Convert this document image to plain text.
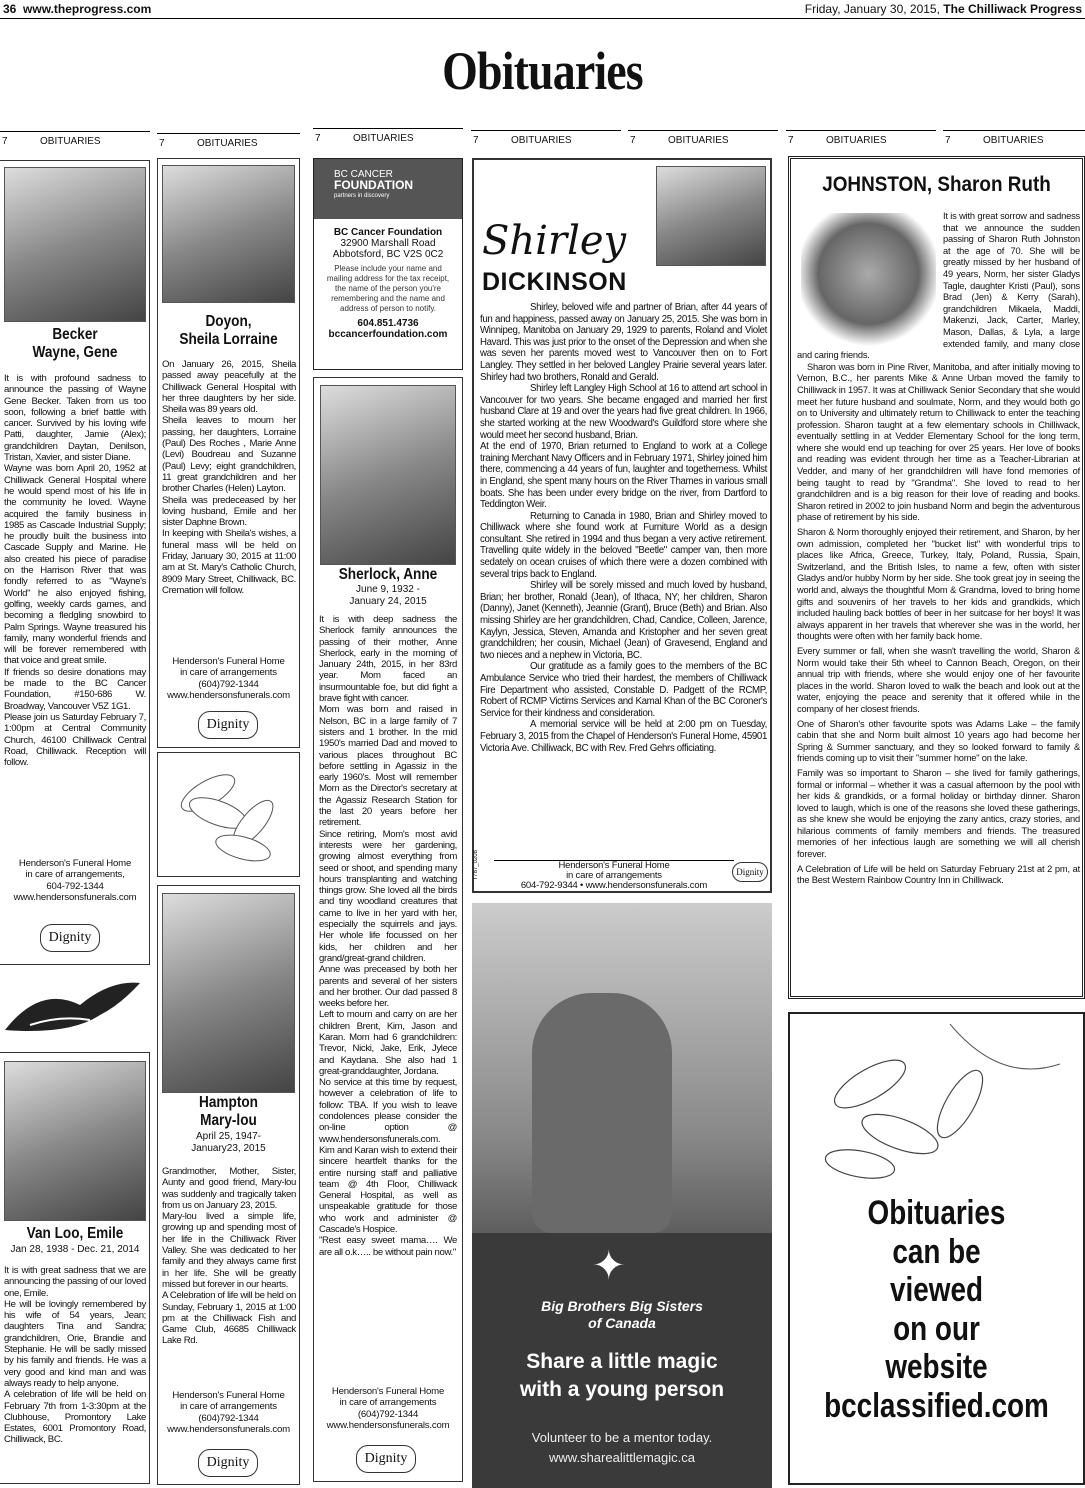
36 www.theprogress.com	Friday, January 30, 2015, The Chilliwack Progress
Obituaries
7	OBITUARIES	7	OBITUARIES	7	OBITUARIES	7	OBITUARIES	7	OBITUARIES	7	OBITUARIES	7	OBITUARIES
Becker
Wayne, Gene

It is with profound sadness to announce the passing of Wayne Gene Becker. Taken from us too soon, following a brief battle with cancer. Survived by his loving wife Patti, daughter, Jamie (Alex); grandchildren Daytan, Denilson, Tristan, Xavier, and sister Diane.

Wayne was born April 20, 1952 at Chilliwack General Hospital where he would spend most of his life in the community he loved. Wayne acquired the family business in 1985 as Cascade Industrial Supply; he proudly built the business into Cascade Supply and Marine. He also created his piece of paradise on the Harrison River that was fondly referred to as "Wayne's World" he also enjoyed fishing, golfing, weekly cards games, and becoming a fledgling snowbird to Palm Springs. Wayne treasured his family, many wonderful friends and will be forever remembered with that voice and great smile.

If friends so desire donations may be made to the BC Cancer Foundation, #150-686 W. Broadway, Vancouver V5Z 1G1.

Please join us Saturday February 7, 1:00pm at Central Community Church, 46100 Chilliwack Central Road, Chilliwack. Reception will follow.

Henderson's Funeral Home
in care of arrangements,
604-792-1344
www.hendersonsfunerals.com
Dignity
Van Loo, Emile
Jan 28, 1938 - Dec. 21, 2014

It is with great sadness that we are announcing the passing of our loved one, Emile.

He will be lovingly remembered by his wife of 54 years, Jean; daughters Tina and Sandra; grandchildren, Orie, Brandie and Stephanie. He will be sadly missed by his family and friends. He was a very good and kind man and was always ready to help anyone.

A celebration of life will be held on February 7th from 1-3:30pm at the Clubhouse, Promontory Lake Estates, 6001 Promontory Road, Chilliwack, BC.

Doyon,
Sheila Lorraine

On January 26, 2015, Sheila passed away peacefully at the Chilliwack General Hospital with her three daughters by her side. Sheila was 89 years old.

Sheila leaves to mourn her passing, her daughters, Lorraine (Paul) Des Roches , Marie Anne (Levi) Boudreau and Suzanne (Paul) Levy; eight grandchildren, 11 great grandchildren and her brother Charles (Helen) Layton.

Sheila was predeceased by her loving husband, Emile and her sister Daphne Brown.

In keeping with Sheila's wishes, a funeral mass will be held on Friday, January 30, 2015 at 11:00 am at St. Mary's Catholic Church, 8909 Mary Street, Chilliwack, BC. Cremation will follow.

Henderson's Funeral Home
in care of arrangements
(604)792-1344
www.hendersonsfunerals.com
Dignity
Hampton
Mary-lou
April 25, 1947-
January23, 2015

Grandmother, Mother, Sister, Aunty and good friend, Mary-lou was suddenly and tragically taken from us on January 23, 2015.

Mary-lou lived a simple life, growing up and spending most of her life in the Chilliwack River Valley. She was dedicated to her family and they always came first in her life. She will be greatly missed but forever in our hearts.

A Celebration of life will be held on Sunday, February 1, 2015 at 1:00 pm at the Chilliwack Fish and Game Club, 46685 Chilliwack Lake Rd.

Henderson's Funeral Home
in care of arrangements
(604)792-1344
www.hendersonsfunerals.com
Dignity
BC CANCER
FOUNDATION
partners in discovery
BC Cancer Foundation
32900 Marshall Road
Abbotsford, BC V2S 0C2
Please include your name and mailing address for the tax receipt, the name of the person you're remembering and the name and address of person to notify.
604.851.4736
bccancerfoundation.com
Sherlock, Anne
June 9, 1932 -
January 24, 2015

It is with deep sadness the Sherlock family announces the passing of their mother, Anne Sherlock, early in the morning of January 24th, 2015, in her 83rd year. Mom faced an insurmountable foe, but did fight a brave fight with cancer.

Mom was born and raised in Nelson, BC in a large family of 7 sisters and 1 brother. In the mid 1950's married Dad and moved to various places throughout BC before settling in Agassiz in the early 1960's. Most will remember Mom as the Director's secretary at the Agassiz Research Station for the last 20 years before her retirement.

Since retiring, Mom's most avid interests were her gardening, growing almost everything from seed or shoot, and spending many hours transplanting and watching things grow. She loved all the birds and tiny woodland creatures that came to live in her yard with her, especially the squirrels and jays. Her whole life focussed on her kids, her children and her grand/great-grand children.

Anne was preceased by both her parents and several of her sisters and her brother. Our dad passed 8 weeks before her.

Left to mourn and carry on are her children Brent, Kim, Jason and Karan. Mom had 6 grandchildren: Trevor, Nicki, Jake, Erik, Jylece and Kaydana. She also had 1 great-granddaughter, Jordana.

No service at this time by request, however a celebration of life to follow: TBA. If you wish to leave condolences please consider the on-line option @ www.hendersonsfunerals.com.

Kim and Karan wish to extend their sincere heartfelt thanks for the entire nursing staff and palliative team @ 4th Floor, Chilliwack General Hospital, as well as unspeakable gratitude for those who work and administer @ Cascade's Hospice.

"Rest easy sweet mama…. We are all o.k….. be without pain now."

Henderson's Funeral Home
in care of arrangements
(604)792-1344
www.hendersonsfunerals.com
Dignity
Shirley
DICKINSON

Shirley, beloved wife and partner of Brian, after 44 years of fun and happiness, passed away on January 25, 2015. She was born in Winnipeg, Manitoba on January 29, 1929 to parents, Roland and Violet Havard. This was just prior to the onset of the Depression and when she was seven her parents moved west to Vancouver then on to Fort Langley. They settled in her beloved Langley Prairie several years later. Shirley had two brothers, Ronald and Gerald.

Shirley left Langley High School at 16 to attend art school in Vancouver for two years. She became engaged and married her first husband Clare at 19 and over the years had five great children. In 1966, she started working at the new Woodward's Guildford store where she would meet her second husband, Brian.

At the end of 1970, Brian returned to England to work at a College training Merchant Navy Officers and in February 1971, Shirley joined him there, commencing a 44 years of fun, laughter and togetherness. Whilst in England, she spent many hours on the River Thames in various small boats. She has been under every bridge on the river, from Dartford to Teddington Weir.

Returning to Canada in 1980, Brian and Shirley moved to Chilliwack where she found work at Furniture World as a design consultant. She retired in 1994 and thus began a very active retirement. Travelling quite widely in the beloved "Beetle" camper van, then more sedately on ocean cruises of which there were a dozen combined with several trips back to England.

Shirley will be sorely missed and much loved by husband, Brian; her brother, Ronald (Jean), of Ithaca, NY; her children, Sharon (Danny), Janet (Kenneth), Jeannie (Grant), Bruce (Beth) and Brian. Also missing Shirley are her grandchildren, Chad, Candice, Colleen, Jarence, Kaylyn, Jessica, Steven, Amanda and Kristopher and her seven great grandchildren; her cousin, Michael (Jean) of Gravesend, England and two nieces and a nephew in Victoria, BC.

Our gratitude as a family goes to the members of the BC Ambulance Service who tried their hardest, the members of Chilliwack Fire Department who assisted, Constable D. Padgett of the RCMP, Robert of RCMP Victims Services and Kamal Khan of the BC Coroner's Service for their kindness and consideration.

A memorial service will be held at 2:00 pm on Tuesday, February 3, 2015 from the Chapel of Henderson's Funeral Home, 45901 Victoria Ave. Chilliwack, BC with Rev. Fred Gehrs officiating.

T787_0208	Henderson's Funeral Home
in care of arrangements
604-792-9344 • www.hendersonsfunerals.com
Dignity
✦
Big Brothers Big Sisters
of Canada
Share a little magic
with a young person
Volunteer to be a mentor today.
www.sharealittlemagic.ca
JOHNSTON, Sharon Ruth

It is with great sorrow and sadness that we announce the sudden passing of Sharon Ruth Johnston at the age of 70. She will be greatly missed by her husband of 49 years, Norm, her sister Gladys Tagle, daughter Kristi (Paul), sons Brad (Jen) & Kerry (Sarah), grandchildren Mikaela, Maddi, Makenzi, Jack, Carter, Marley, Mason, Dallas, & Lyla, a large extended family, and many close and caring friends.

Sharon was born in Pine River, Manitoba, and after initially moving to Vernon, B.C., her parents Mike & Anne Urban moved the family to Chilliwack in 1957. It was at Chilliwack Senior Secondary that she would meet her future husband and soulmate, Norm, and they would both go on to University and ultimately return to Chilliwack to enter the teaching profession. Sharon taught at a few elementary schools in Chilliwack, eventually settling in at Vedder Elementary School for the long term, where she would end up teaching for over 25 years. Her love of books and reading was evident through her time as a Teacher-Librarian at Vedder, and many of her grandchildren will have fond memories of being taught to read by "Grandma". She loved to read to her grandchildren and is a big reason for their love of reading and books. Sharon retired in 2002 to join husband Norm and begin the adventurous phase of retirement by his side.

Sharon & Norm thoroughly enjoyed their retirement, and Sharon, by her own admission, completed her "bucket list" with wonderful trips to places like Africa, Greece, Turkey, Italy, Poland, Russia, Spain, Switzerland, and the British Isles, to name a few, often with sister Gladys and/or hubby Norm by her side. She took great joy in seeing the world and, always the thoughtful Mom & Grandma, loved to bring home gifts and souvenirs of her travels to her kids and grandkids, which included hauling back bottles of beer in her suitcase for her boys! It was always apparent in her travels that wherever she was in the world, her thoughts were often with her family back home.

Every summer or fall, when she wasn't travelling the world, Sharon & Norm would take their 5th wheel to Cannon Beach, Oregon, on their annual trip with friends, where she would enjoy one of her favourite places in the world. Sharon loved to walk the beach and look out at the water, enjoying the peace and serenity that it offered while in the company of her closest friends.

One of Sharon's other favourite spots was Adams Lake – the family cabin that she and Norm built almost 10 years ago had become her Spring & Summer sanctuary, and they so looked forward to family & friends coming up to visit their "summer home" on the lake.

Family was so important to Sharon – she lived for family gatherings, formal or informal – whether it was a casual afternoon by the pool with her kids & grandkids, or a formal holiday or birthday dinner. Sharon loved to laugh, which is one of the reasons she loved these gatherings, as she knew she would be enjoying the zany antics, crazy stories, and hilarious comments of family members and friends. The treasured memories of her infectious laugh are something we will all cherish forever.

A Celebration of Life will be held on Saturday February 21st at 2 pm, at the Best Western Rainbow Country Inn in Chilliwack.

Obituaries
can be
viewed
on our
website
bcclassified.com
